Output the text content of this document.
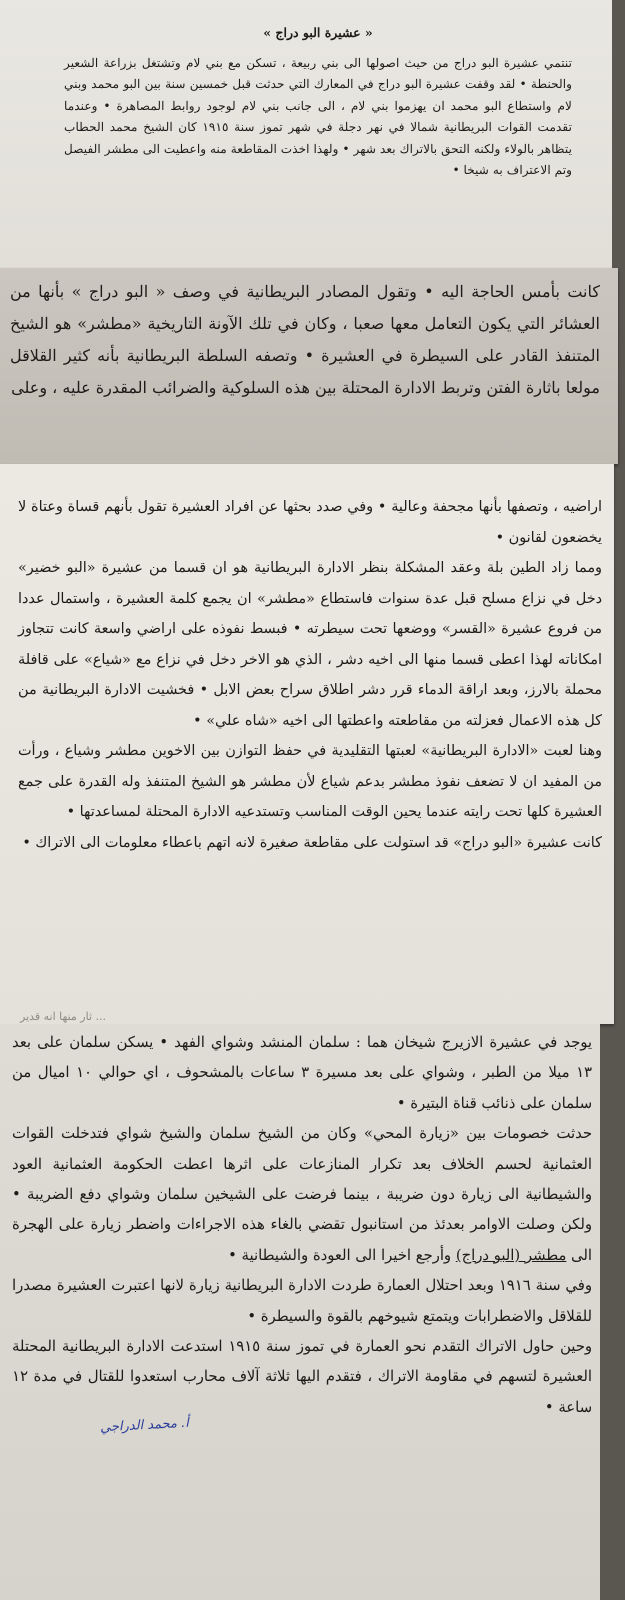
« عشيرة البو دراج »

تنتمي عشيرة البو دراج من حيث اصولها الى بني ربيعة ، تسكن مع بني لام وتشتغل بزراعة الشعير والحنطة • لقد وقفت عشيرة البو دراج في المعارك التي حدثت قبل خمسين سنة بين البو محمد وبني لام واستطاع البو محمد ان يهزموا بني لام ، الى جانب بني لام لوجود روابط المصاهرة • وعندما تقدمت القوات البريطانية شمالا في نهر دجلة في شهر تموز سنة ١٩١٥ كان الشيخ محمد الحطاب يتظاهر بالولاء ولكنه التحق بالاتراك بعد شهر • ولهذا اخذت المقاطعة منه واعطيت الى مطشر الفيصل وتم الاعتراف به شيخا •

كانت بأمس الحاجة اليه • وتقول المصادر البريطانية في وصف « البو دراج » بأنها من العشائر التي يكون التعامل معها صعبا ، وكان في تلك الآونة التاريخية «مطشر» هو الشيخ المتنفذ القادر على السيطرة في العشيرة • وتصفه السلطة البريطانية بأنه كثير القلاقل مولعا باثارة الفتن وتربط الادارة المحتلة بين هذه السلوكية والضرائب المقدرة عليه ، وعلى

اراضيه ، وتصفها بأنها مجحفة وعالية • وفي صدد بحثها عن افراد العشيرة تقول بأنهم قساة وعتاة لا يخضعون لقانون •

ومما زاد الطين بلة وعقد المشكلة بنظر الادارة البريطانية هو ان قسما من عشيرة «البو خضير» دخل في نزاع مسلح قبل عدة سنوات فاستطاع «مطشر» ان يجمع كلمة العشيرة ، واستمال عددا من فروع عشيرة «القسر» ووضعها تحت سيطرته • فبسط نفوذه على اراضي واسعة كانت تتجاوز امكاناته لهذا اعطى قسما منها الى اخيه دشر ، الذي هو الاخر دخل في نزاع مع «شياع» على قافلة محملة بالارز، وبعد اراقة الدماء قرر دشر اطلاق سراح بعض الابل • فخشيت الادارة البريطانية من كل هذه الاعمال فعزلته من مقاطعته واعطتها الى اخيه «شاه علي» •

وهنا لعبت «الادارة البريطانية» لعبتها التقليدية في حفظ التوازن بين الاخوين مطشر وشياع ، ورأت من المفيد ان لا تضعف نفوذ مطشر بدعم شياع لأن مطشر هو الشيخ المتنفذ وله القدرة على جمع العشيرة كلها تحت رايته عندما يحين الوقت المناسب وتستدعيه الادارة المحتلة لمساعدتها •

كانت عشيرة «البو دراج» قد استولت على مقاطعة صغيرة لانه اتهم باعطاء معلومات الى الاتراك •

... ثار منها انه قدير

يوجد في عشيرة الازيرج شيخان هما : سلمان المنشد وشواي الفهد • يسكن سلمان على بعد ١٣ ميلا من الطبر ، وشواي على بعد مسيرة ٣ ساعات بالمشحوف ، اي حوالي ١٠ اميال من سلمان على ذنائب قناة البتيرة •

حدثت خصومات بين «زيارة المحي» وكان من الشيخ سلمان والشيخ شواي فتدخلت القوات العثمانية لحسم الخلاف بعد تكرار المنازعات على اثرها اعطت الحكومة العثمانية العود والشيطانية الى زيارة دون ضريبة ، بينما فرضت على الشيخين سلمان وشواي دفع الضريبة • ولكن وصلت الاوامر بعدئذ من استانبول تقضي بالغاء هذه الاجراءات واضطر زيارة على الهجرة الى مطشر (البو دراج) وأرجع اخيرا الى العودة والشيطانية •

وفي سنة ١٩١٦ وبعد احتلال العمارة طردت الادارة البريطانية زيارة لانها اعتبرت العشيرة مصدرا للقلاقل والاضطرابات ويتمتع شيوخهم بالقوة والسيطرة •

وحين حاول الاتراك التقدم نحو العمارة في تموز سنة ١٩١٥ استدعت الادارة البريطانية المحتلة العشيرة لتسهم في مقاومة الاتراك ، فتقدم اليها ثلاثة آلاف محارب استعدوا للقتال في مدة ١٢ ساعة •

أ. محمد الدراجي
